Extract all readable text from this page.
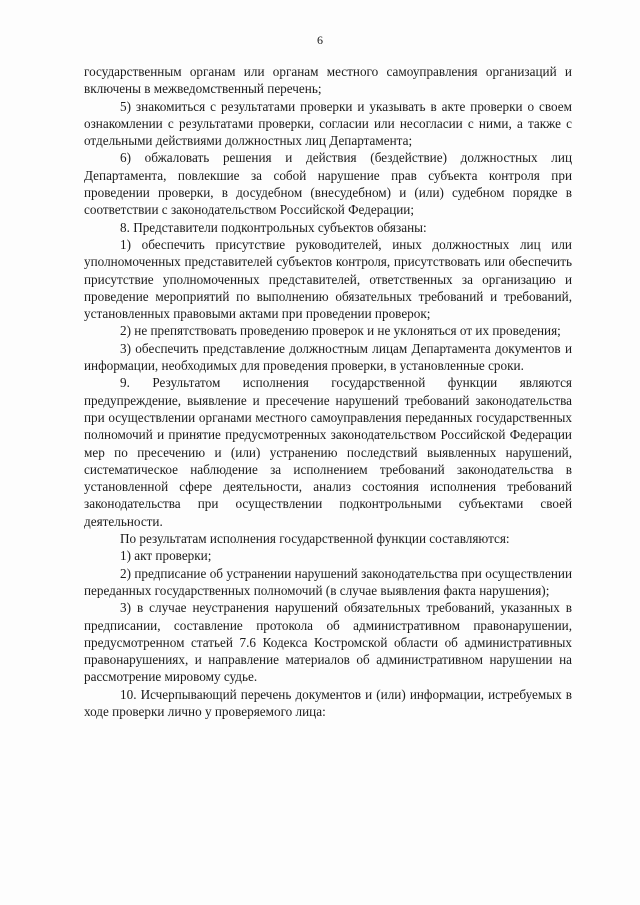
6

государственным органам или органам местного самоуправления организаций и включены в межведомственный перечень;

5) знакомиться с результатами проверки и указывать в акте проверки о своем ознакомлении с результатами проверки, согласии или несогласии с ними, а также с отдельными действиями должностных лиц Департамента;

6) обжаловать решения и действия (бездействие) должностных лиц Департамента, повлекшие за собой нарушение прав субъекта контроля при проведении проверки, в досудебном (внесудебном) и (или) судебном порядке в соответствии с законодательством Российской Федерации;

8. Представители подконтрольных субъектов обязаны:

1) обеспечить присутствие руководителей, иных должностных лиц или уполномоченных представителей субъектов контроля, присутствовать или обеспечить присутствие уполномоченных представителей, ответственных за организацию и проведение мероприятий по выполнению обязательных требований и требований, установленных правовыми актами при проведении проверок;

2) не препятствовать проведению проверок и не уклоняться от их проведения;

3) обеспечить представление должностным лицам Департамента документов и информации, необходимых для проведения проверки, в установленные сроки.

9. Результатом исполнения государственной функции являются предупреждение, выявление и пресечение нарушений требований законодательства при осуществлении органами местного самоуправления переданных государственных полномочий и принятие предусмотренных законодательством Российской Федерации мер по пресечению и (или) устранению последствий выявленных нарушений, систематическое наблюдение за исполнением требований законодательства в установленной сфере деятельности, анализ состояния исполнения требований законодательства при осуществлении подконтрольными субъектами своей деятельности.

По результатам исполнения государственной функции составляются:

1) акт проверки;

2) предписание об устранении нарушений законодательства при осуществлении переданных государственных полномочий (в случае выявления факта нарушения);

3) в случае неустранения нарушений обязательных требований, указанных в предписании, составление протокола об административном правонарушении, предусмотренном статьей 7.6 Кодекса Костромской области об административных правонарушениях, и направление материалов об административном нарушении на рассмотрение мировому судье.

10. Исчерпывающий перечень документов и (или) информации, истребуемых в ходе проверки лично у проверяемого лица:
